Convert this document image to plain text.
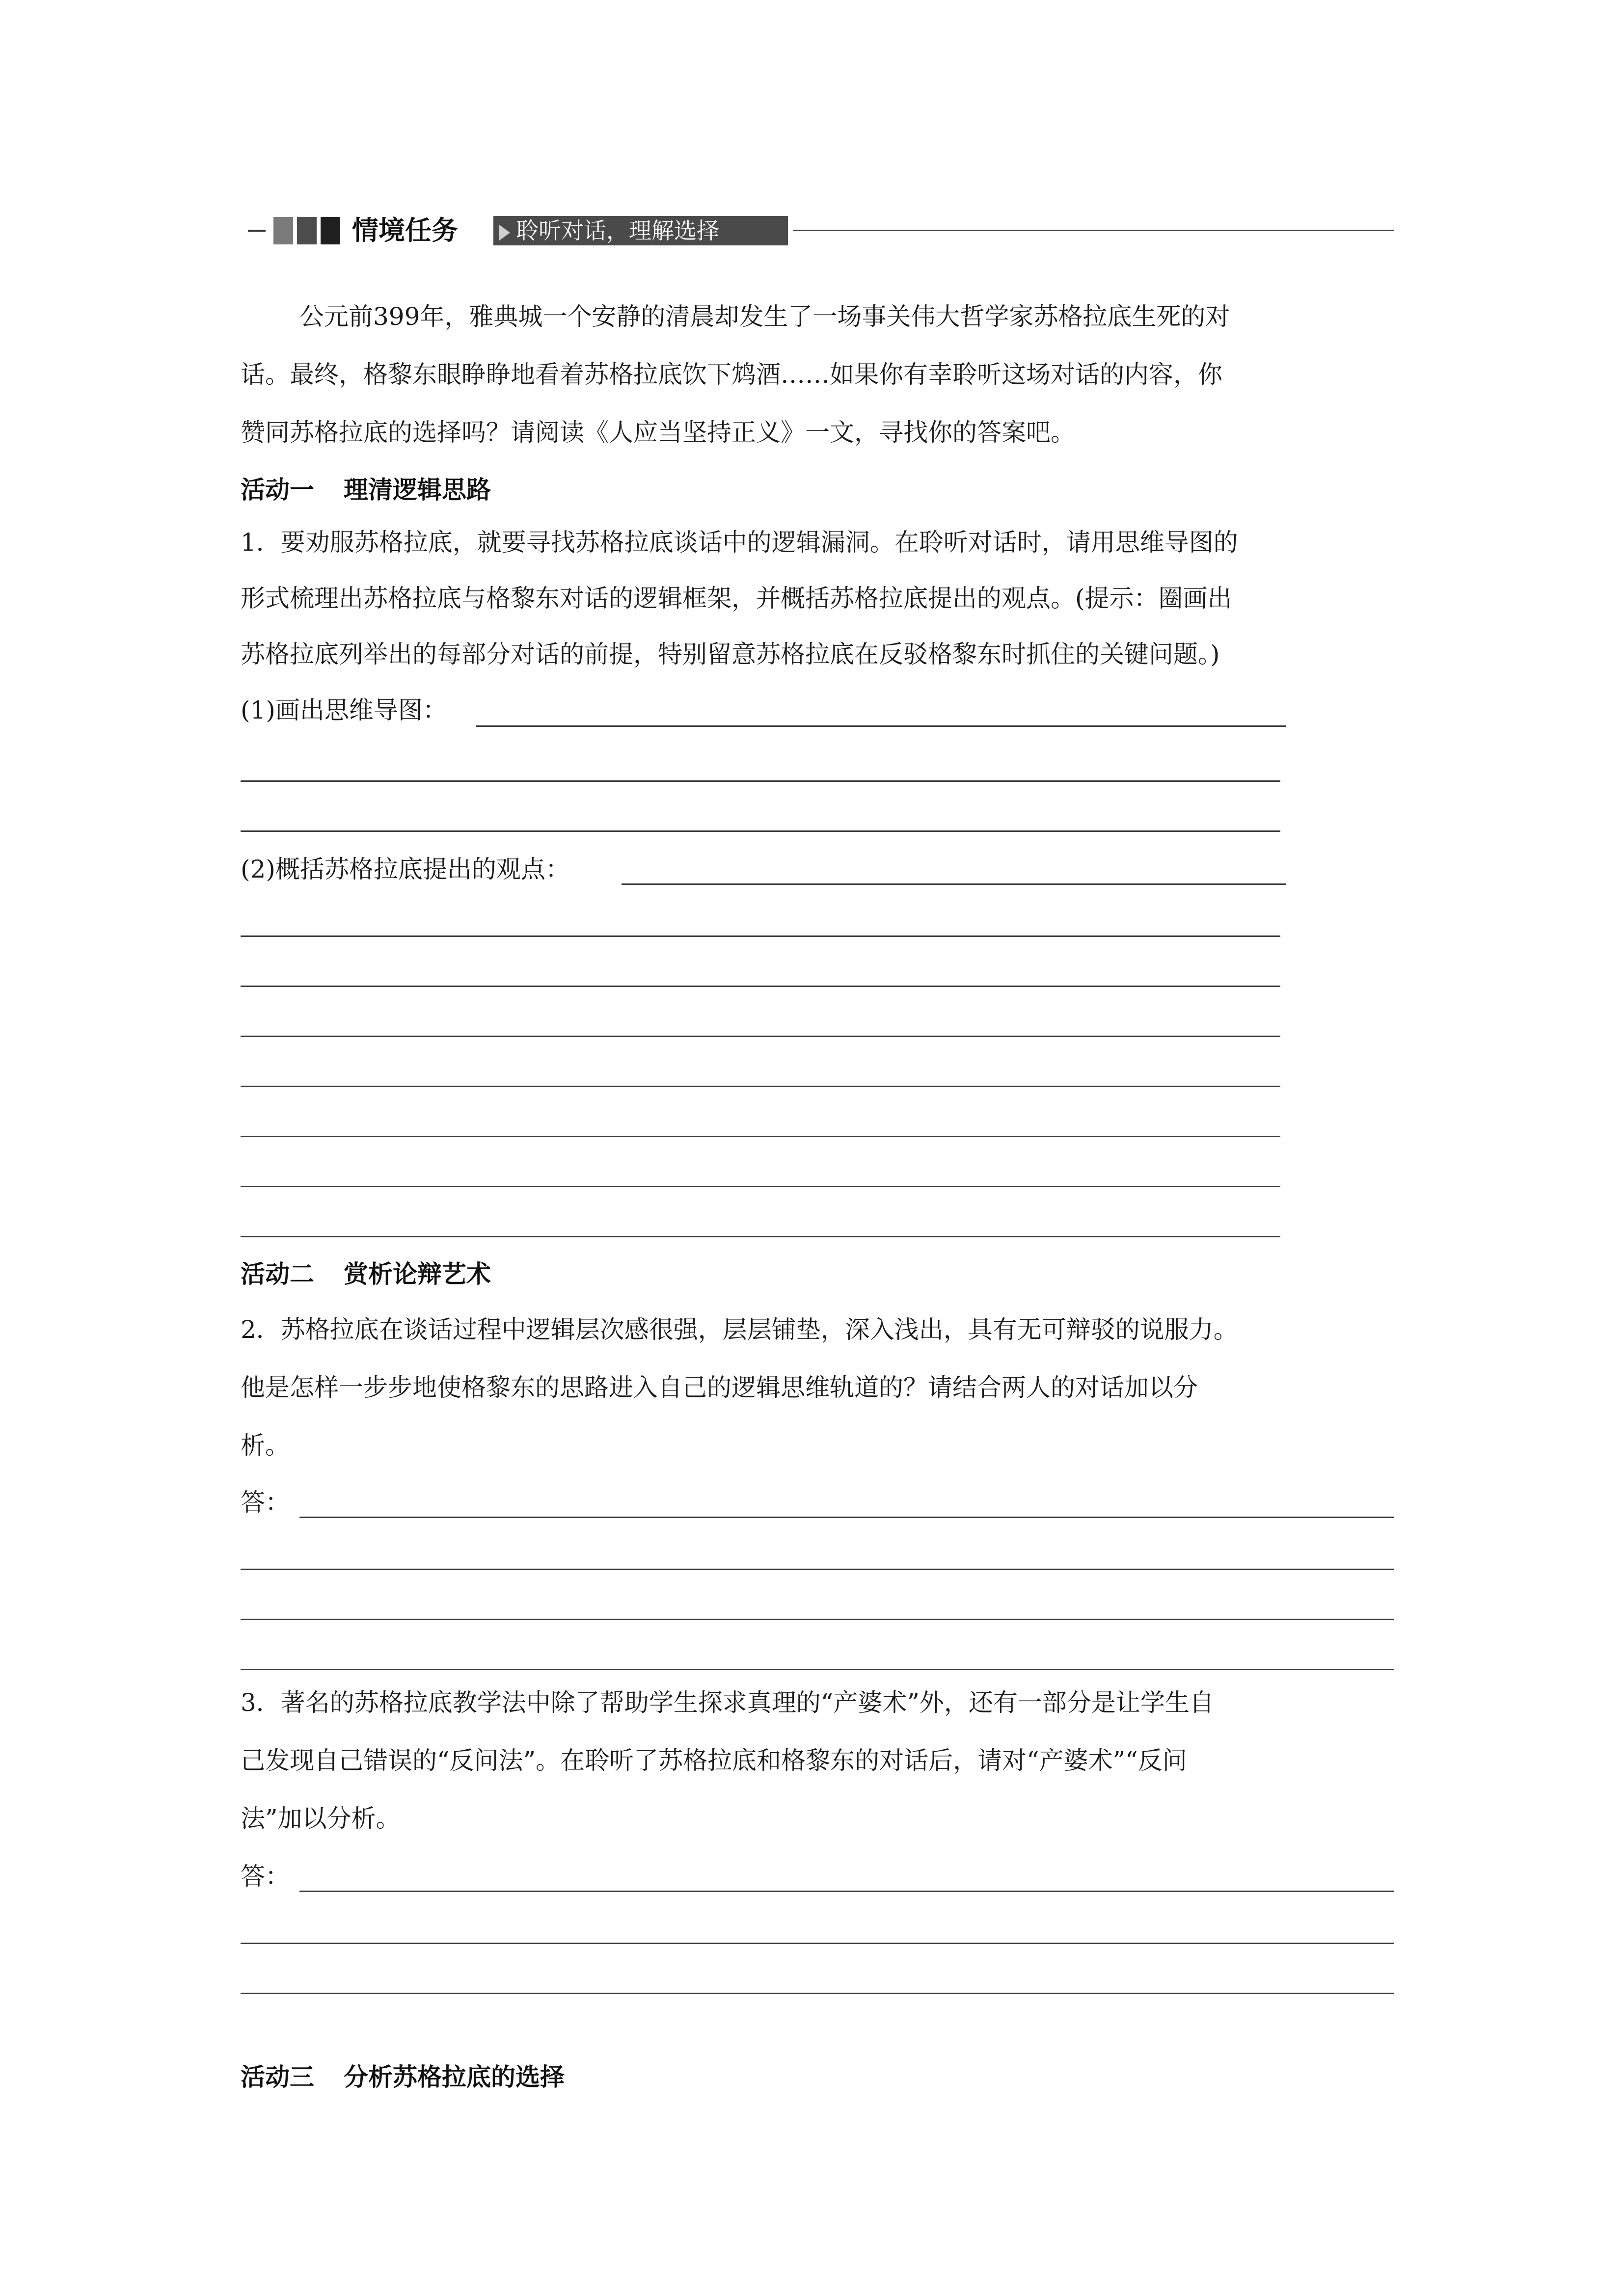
情境任务	聆听对话，理解选择
公元前399年，雅典城一个安静的清晨却发生了一场事关伟大哲学家苏格拉底生死的对
话。最终，格黎东眼睁睁地看着苏格拉底饮下鸩酒……如果你有幸聆听这场对话的内容，你
赞同苏格拉底的选择吗？请阅读《人应当坚持正义》一文，寻找你的答案吧。
活动一 理清逻辑思路
1．要劝服苏格拉底，就要寻找苏格拉底谈话中的逻辑漏洞。在聆听对话时，请用思维导图的
形式梳理出苏格拉底与格黎东对话的逻辑框架，并概括苏格拉底提出的观点。(提示：圈画出
苏格拉底列举出的每部分对话的前提，特别留意苏格拉底在反驳格黎东时抓住的关键问题。)
(1)画出思维导图：
(2)概括苏格拉底提出的观点：
活动二 赏析论辩艺术
2．苏格拉底在谈话过程中逻辑层次感很强，层层铺垫，深入浅出，具有无可辩驳的说服力。
他是怎样一步步地使格黎东的思路进入自己的逻辑思维轨道的？请结合两人的对话加以分
析。
答：
3．著名的苏格拉底教学法中除了帮助学生探求真理的“产婆术”外，还有一部分是让学生自
己发现自己错误的“反问法”。在聆听了苏格拉底和格黎东的对话后，请对“产婆术”“反问
法”加以分析。
答：
活动三 分析苏格拉底的选择
